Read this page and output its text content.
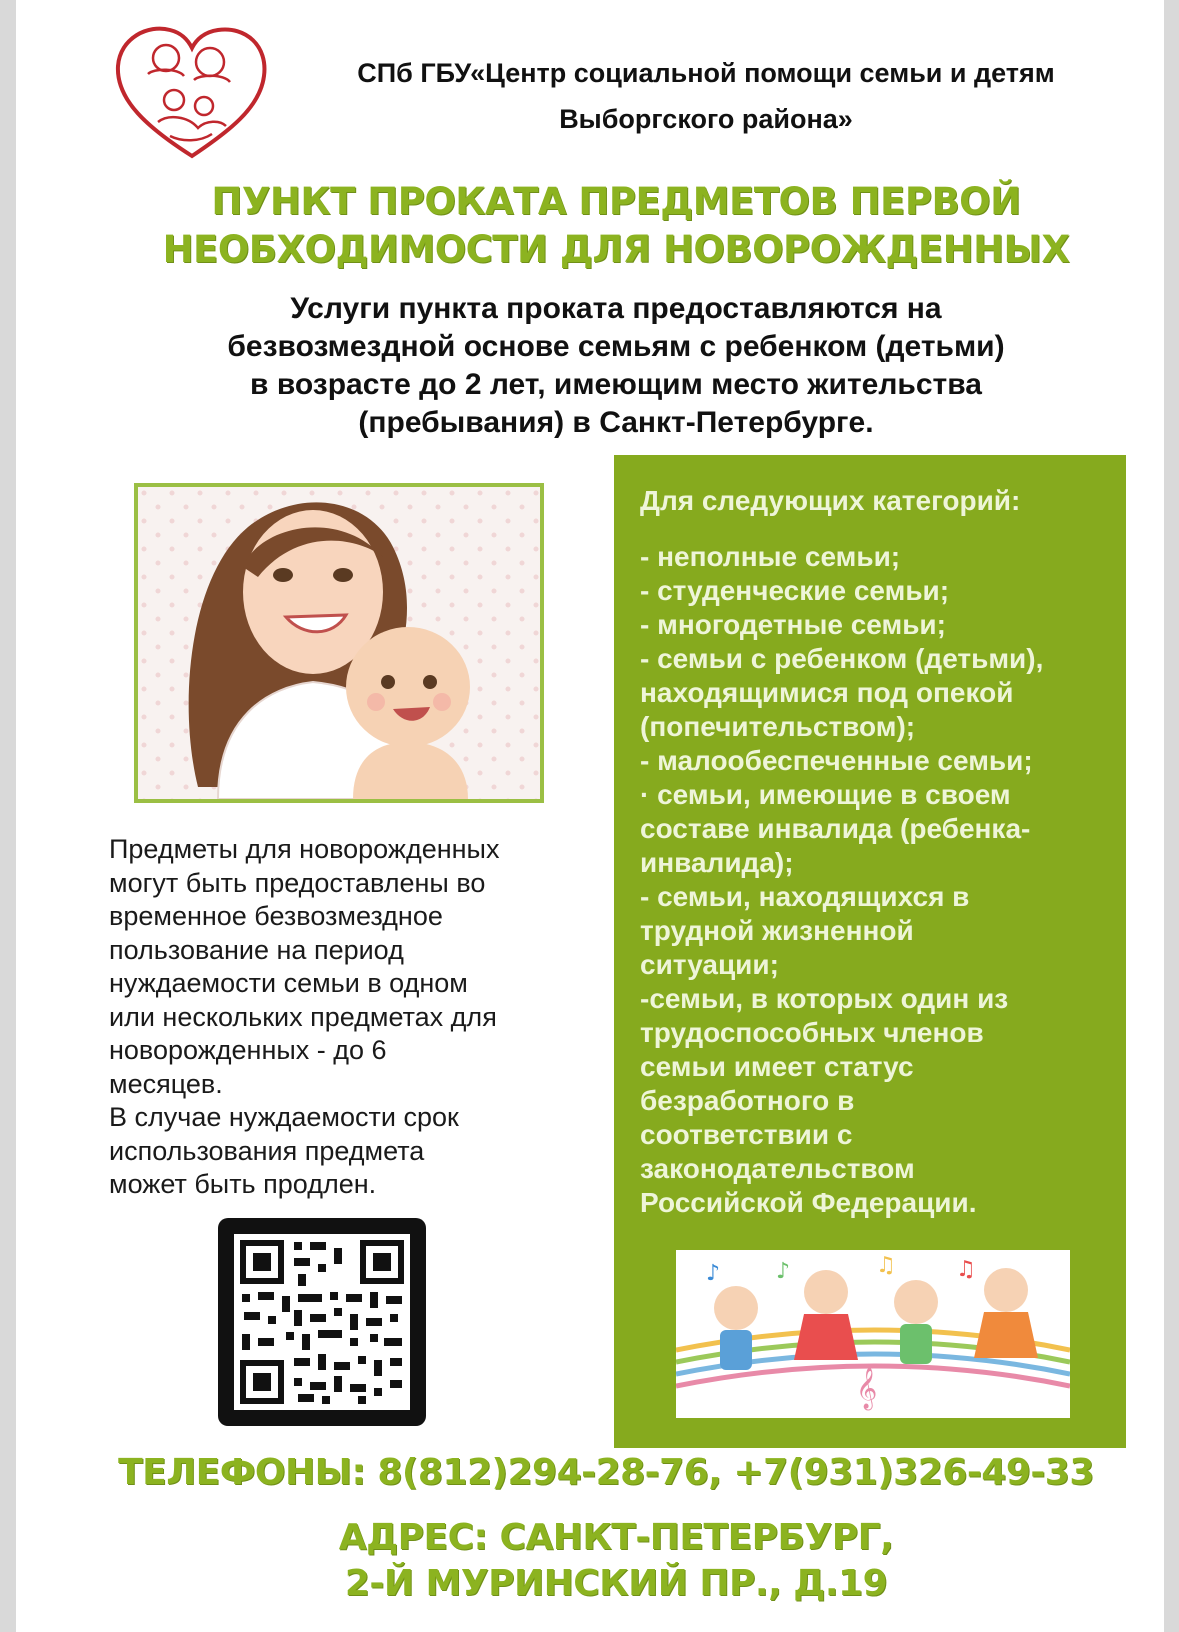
СПб ГБУ«Центр социальной помощи семьи и детям
Выборгского района»
ПУНКТ ПРОКАТА ПРЕДМЕТОВ ПЕРВОЙ
НЕОБХОДИМОСТИ ДЛЯ НОВОРОЖДЕННЫХ
Услуги пункта проката предоставляются на
безвозмездной основе семьям с ребенком (детьми)
в возрасте до 2 лет, имеющим место жительства
(пребывания) в Санкт-Петербурге.

Предметы для новорожденных

могут быть предоставлены во

временное безвозмездное

пользование на период

нуждаемости семьи в одном

или нескольких предметах для

новорожденных - до 6

месяцев.

В случае нуждаемости срок

использования предмета

может быть продлен.

Для следующих категорий:
- неполные семьи;
- студенческие семьи;
- многодетные семьи;
- семьи с ребенком (детьми),
находящимися под опекой
(попечительством);
- малообеспеченные семьи;
· семьи, имеющие в своем
составе инвалида (ребенка-
инвалида);
- семьи, находящихся в
трудной жизненной
ситуации;
-семьи, в которых один из
трудоспособных членов
семьи имеет статус
безработного в
соответствии с
законодательством
Российской Федерации.
♪	♪	♫	♫
𝄞
ТЕЛЕФОНЫ: 8(812)294-28-76, +7(931)326-49-33
АДРЕС: САНКТ-ПЕТЕРБУРГ,
2-Й МУРИНСКИЙ ПР., Д.19
